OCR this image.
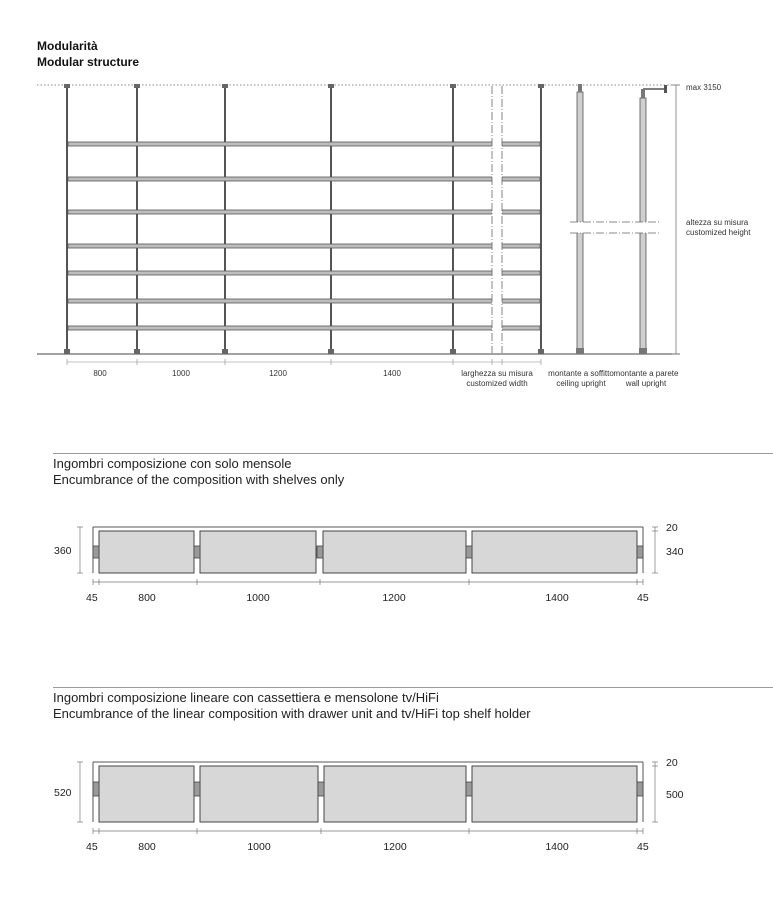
Modularità
Modular structure
max 3150
altezza su misura
customized height
800	1000	1200	1400	larghezza su misura
customized width
montante a soffitto
ceiling upright
montante a parete
wall upright
Ingombri composizione con solo mensole
Encumbrance of the composition with shelves only
360
20
340
45	800	1000	1200	1400	45
Ingombri composizione lineare con cassettiera e mensolone tv/HiFi
Encumbrance of the linear composition with drawer unit and tv/HiFi top shelf holder
520
20
500
45	800	1000	1200	1400	45
